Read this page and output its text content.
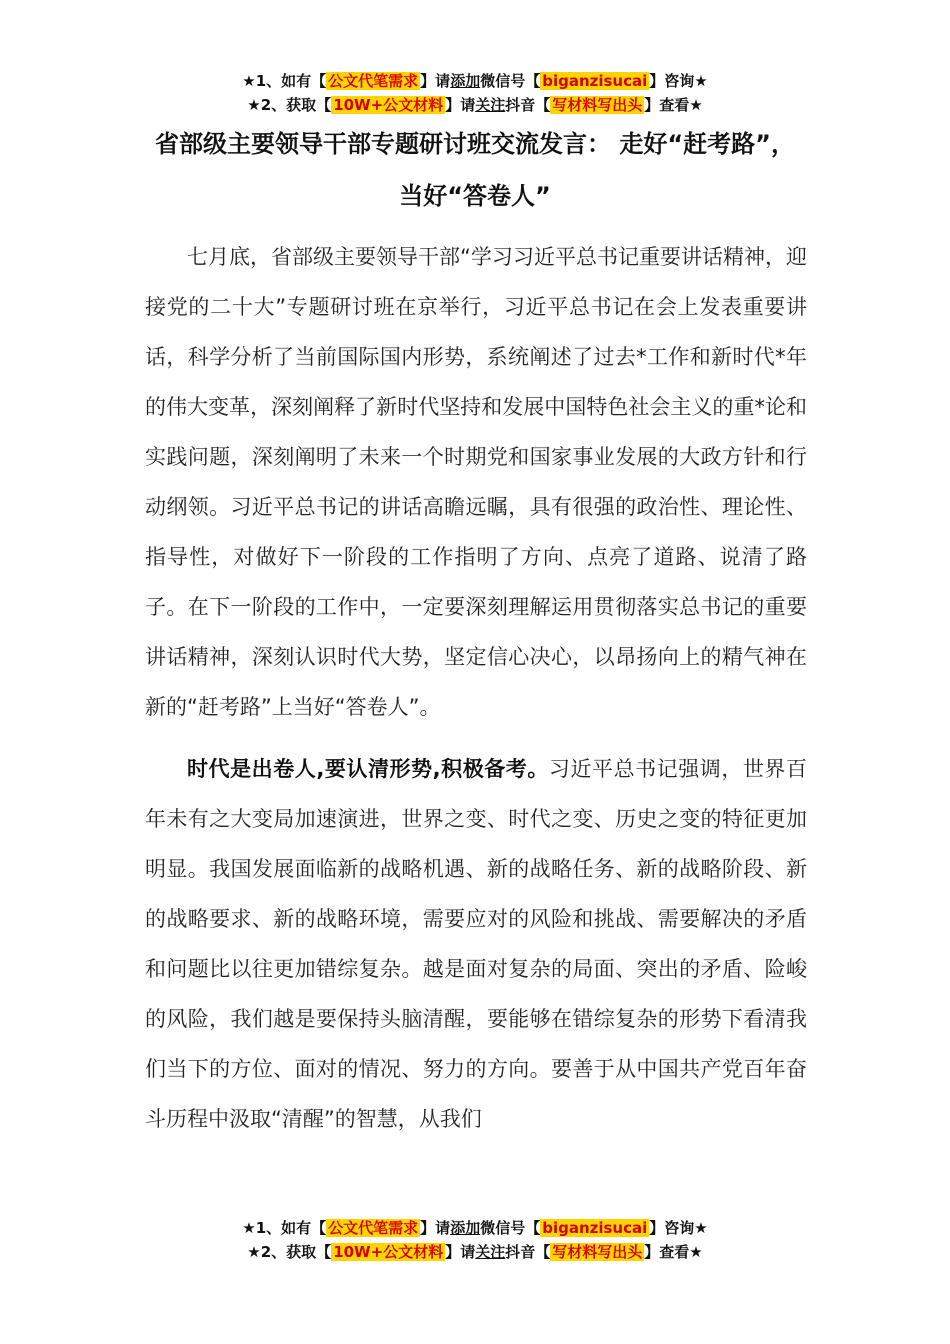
★1、如有【 公文代笔需求 】请添加微信号【 biganzisucai 】咨询★
★2、获取【 10W+公文材料 】请关注抖音【 写材料写出头 】查看★
省部级主要领导干部专题研讨班交流发言： 走好“赶考路”， 当好“答卷人”

七月底，省部级主要领导干部“学习习近平总书记重要讲话精神，迎接党的二十大”专题研讨班在京举行，习近平总书记在会上发表重要讲话，科学分析了当前国际国内形势，系统阐述了过去*工作和新时代*年的伟大变革，深刻阐释了新时代坚持和发展中国特色社会主义的重*论和实践问题，深刻阐明了未来一个时期党和国家事业发展的大政方针和行动纲领。习近平总书记的讲话高瞻远瞩，具有很强的政治性、理论性、指导性，对做好下一阶段的工作指明了方向、点亮了道路、说清了路子。在下一阶段的工作中，一定要深刻理解运用贯彻落实总书记的重要讲话精神，深刻认识时代大势，坚定信心决心，以昂扬向上的精气神在新的“赶考路”上当好“答卷人”。

时代是出卷人,要认清形势,积极备考。习近平总书记强调，世界百年未有之大变局加速演进，世界之变、时代之变、历史之变的特征更加明显。我国发展面临新的战略机遇、新的战略任务、新的战略阶段、新的战略要求、新的战略环境，需要应对的风险和挑战、需要解决的矛盾和问题比以往更加错综复杂。越是面对复杂的局面、突出的矛盾、险峻的风险，我们越是要保持头脑清醒，要能够在错综复杂的形势下看清我们当下的方位、面对的情况、努力的方向。要善于从中国共产党百年奋斗历程中汲取“清醒”的智慧，从我们

★1、如有【 公文代笔需求 】请添加微信号【 biganzisucai 】咨询★
★2、获取【 10W+公文材料 】请关注抖音【 写材料写出头 】查看★
